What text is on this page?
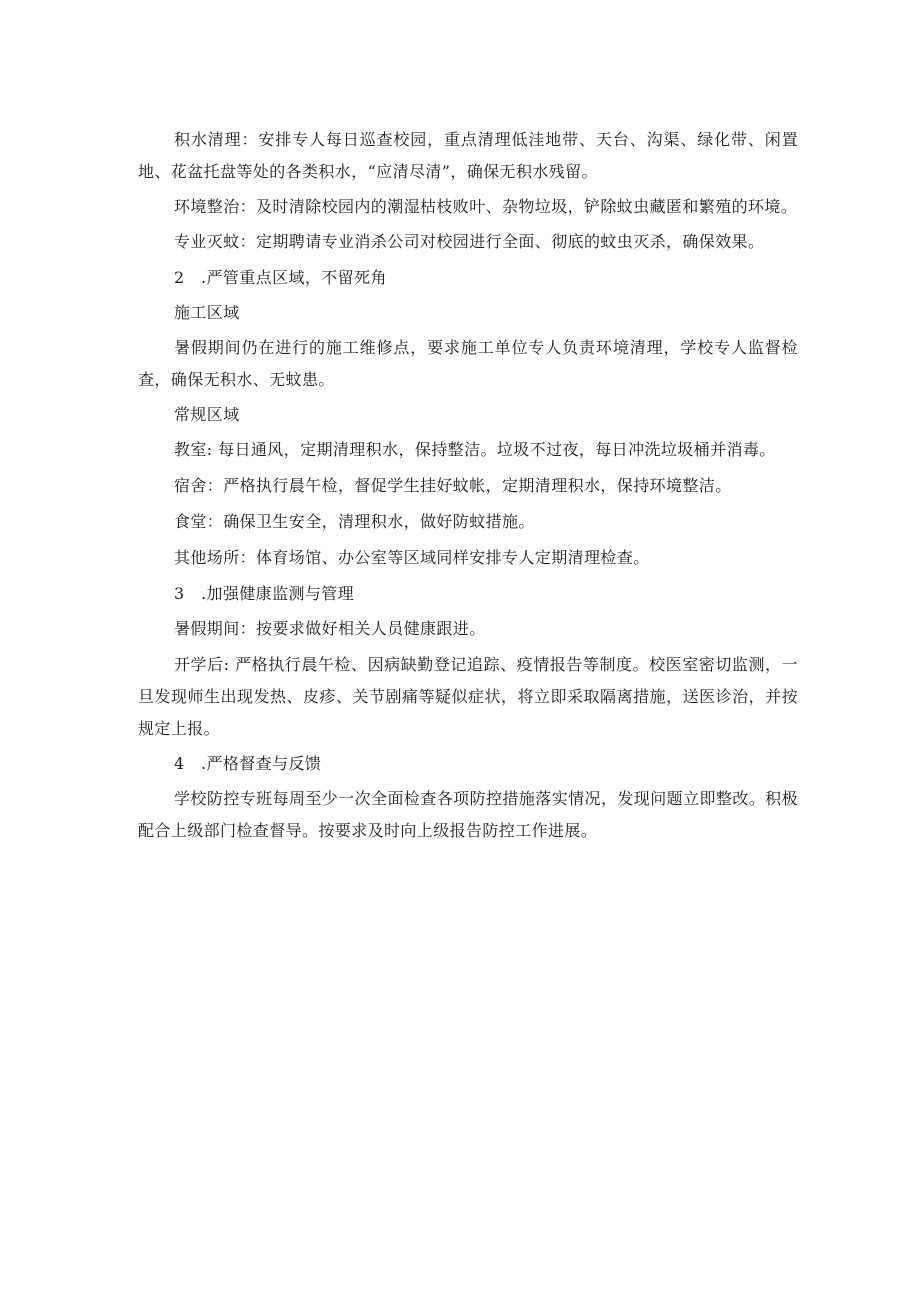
积水清理：安排专人每日巡查校园，重点清理低洼地带、天台、沟渠、绿化带、闲置地、花盆托盘等处的各类积水，“应清尽清”，确保无积水残留。

环境整治：及时清除校园内的潮湿枯枝败叶、杂物垃圾，铲除蚊虫藏匿和繁殖的环境。

专业灭蚊：定期聘请专业消杀公司对校园进行全面、彻底的蚊虫灭杀，确保效果。

2　.严管重点区域，不留死角

施工区域

暑假期间仍在进行的施工维修点，要求施工单位专人负责环境清理，学校专人监督检查，确保无积水、无蚊患。

常规区域

教室: 每日通风，定期清理积水，保持整洁。垃圾不过夜，每日冲洗垃圾桶并消毒。

宿舍：严格执行晨午检，督促学生挂好蚊帐，定期清理积水，保持环境整洁。

食堂：确保卫生安全，清理积水，做好防蚊措施。

其他场所：体育场馆、办公室等区域同样安排专人定期清理检查。

3　.加强健康监测与管理

暑假期间：按要求做好相关人员健康跟进。

开学后: 严格执行晨午检、因病缺勤登记追踪、疫情报告等制度。校医室密切监测，一旦发现师生出现发热、皮疹、关节剧痛等疑似症状，将立即采取隔离措施，送医诊治，并按规定上报。

4　.严格督查与反馈

学校防控专班每周至少一次全面检查各项防控措施落实情况，发现问题立即整改。积极配合上级部门检查督导。按要求及时向上级报告防控工作进展。
